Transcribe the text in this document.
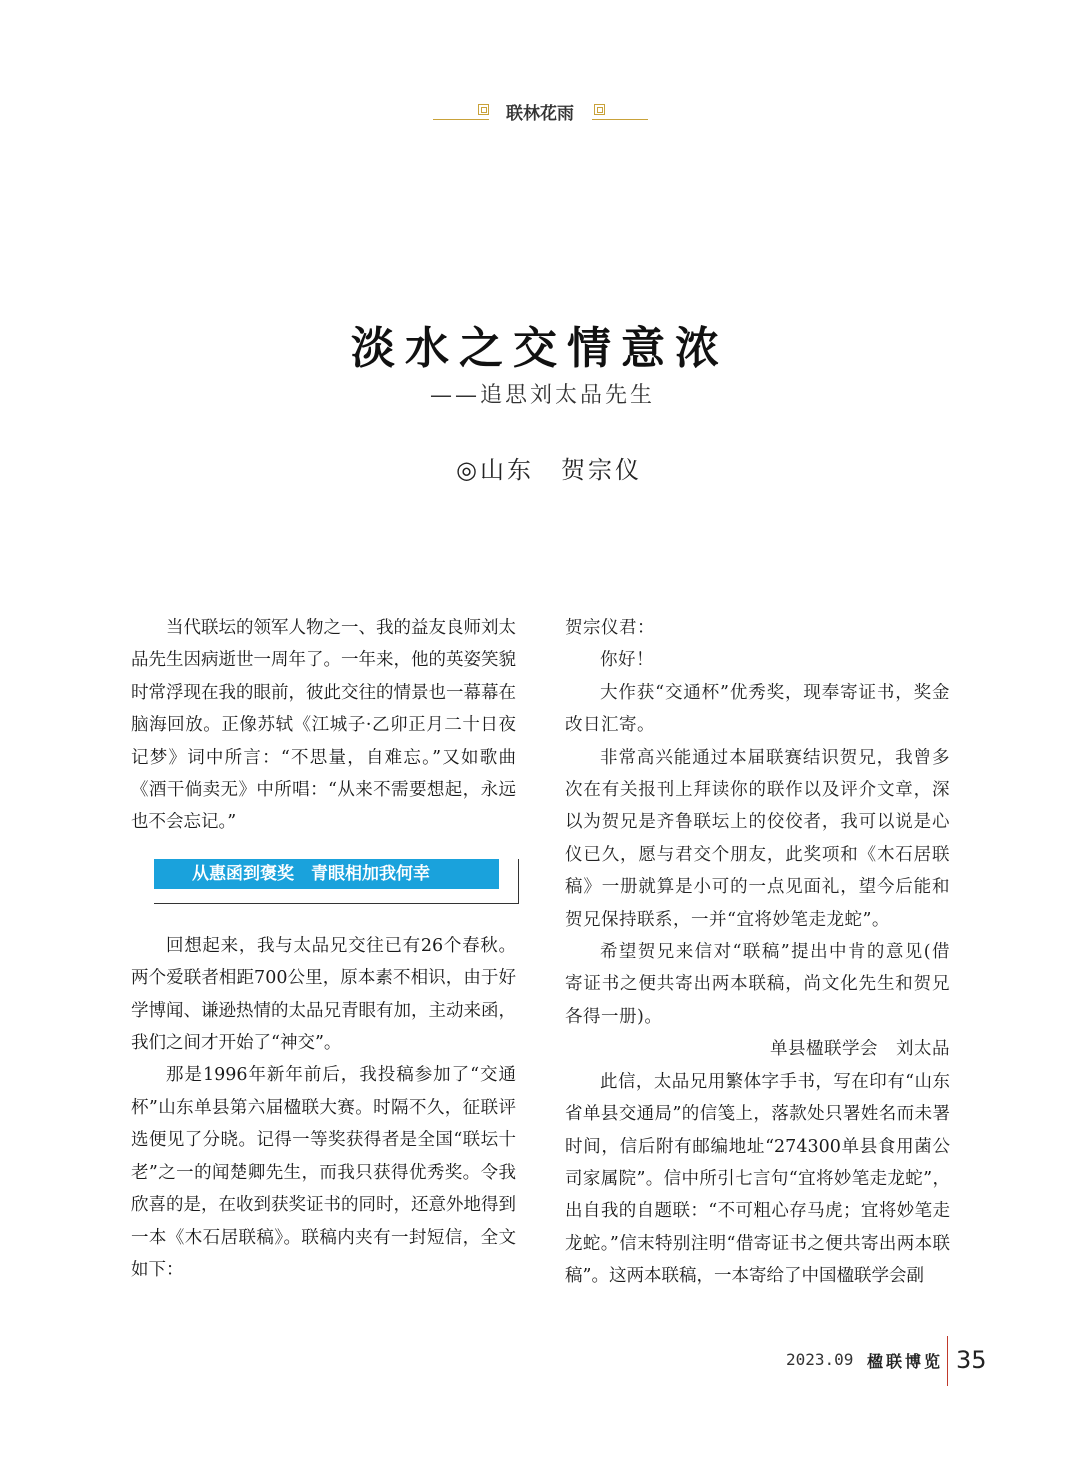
联林花雨
淡水之交情意浓
——追思刘太品先生
◎山东　贺宗仪

当代联坛的领军人物之一、我的益友良师刘太品先生因病逝世一周年了。一年来，他的英姿笑貌时常浮现在我的眼前，彼此交往的情景也一幕幕在脑海回放。正像苏轼《江城子·乙卯正月二十日夜记梦》词中所言：“不思量，自难忘。”又如歌曲《酒干倘卖无》中所唱：“从来不需要想起，永远也不会忘记。”

从惠函到褒奖　青眼相加我何幸

回想起来，我与太品兄交往已有26个春秋。两个爱联者相距700公里，原本素不相识，由于好学博闻、谦逊热情的太品兄青眼有加，主动来函，我们之间才开始了“神交”。

那是1996年新年前后，我投稿参加了“交通杯”山东单县第六届楹联大赛。时隔不久，征联评选便见了分晓。记得一等奖获得者是全国“联坛十老”之一的闻楚卿先生，而我只获得优秀奖。令我欣喜的是，在收到获奖证书的同时，还意外地得到一本《木石居联稿》。联稿内夹有一封短信，全文如下：

贺宗仪君：

你好！

大作获“交通杯”优秀奖，现奉寄证书，奖金改日汇寄。

非常高兴能通过本届联赛结识贺兄，我曾多次在有关报刊上拜读你的联作以及评介文章，深以为贺兄是齐鲁联坛上的佼佼者，我可以说是心仪已久，愿与君交个朋友，此奖项和《木石居联稿》一册就算是小可的一点见面礼，望今后能和贺兄保持联系，一并“宜将妙笔走龙蛇”。

希望贺兄来信对“联稿”提出中肯的意见(借寄证书之便共寄出两本联稿，尚文化先生和贺兄各得一册)。

单县楹联学会　刘太品

此信，太品兄用繁体字手书，写在印有“山东省单县交通局”的信笺上，落款处只署姓名而未署时间，信后附有邮编地址“274300单县食用菌公司家属院”。信中所引七言句“宜将妙笔走龙蛇”，出自我的自题联：“不可粗心存马虎；宜将妙笔走龙蛇。”信末特别注明“借寄证书之便共寄出两本联稿”。这两本联稿，一本寄给了中国楹联学会副

2023.09 楹联博览 35
